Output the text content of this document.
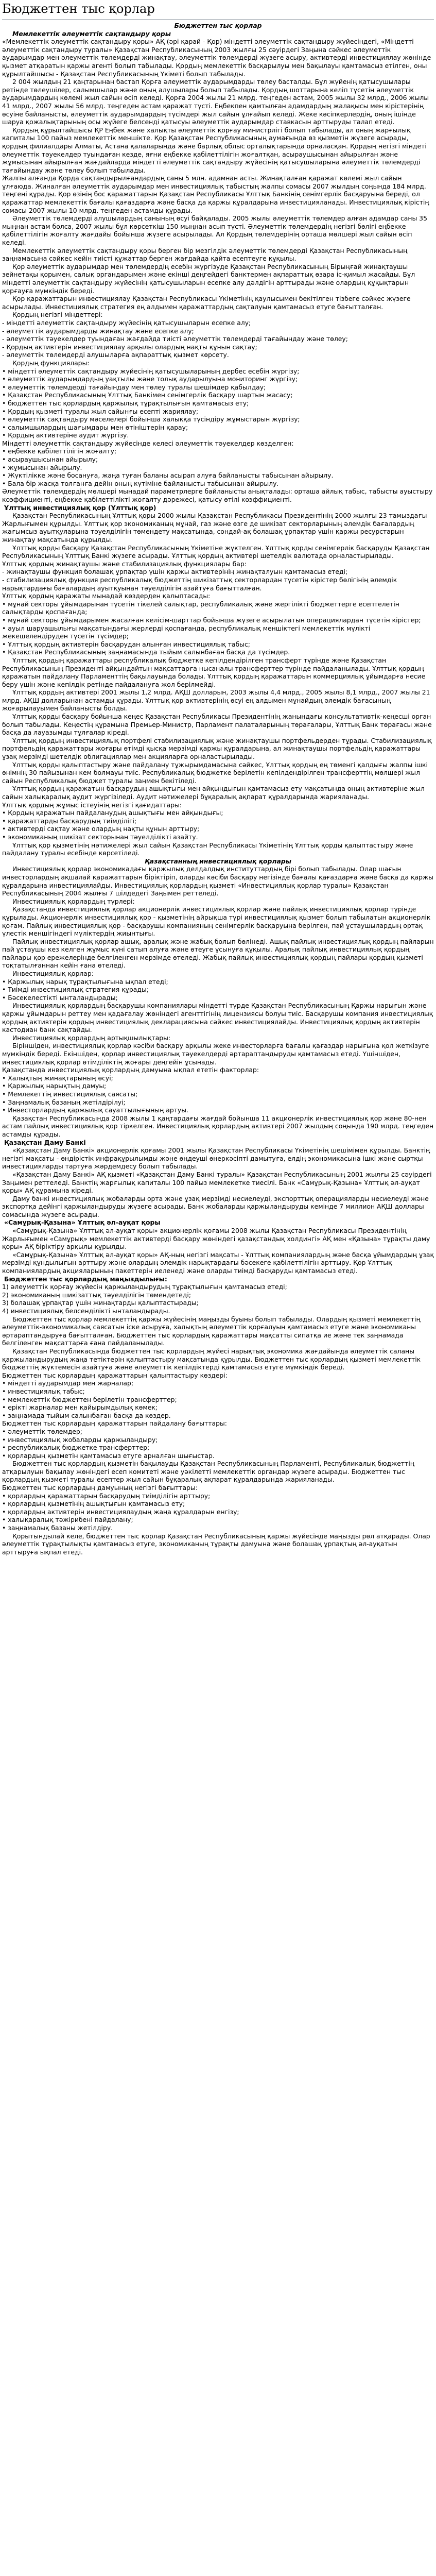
Бюджеттен тыс қорлар

Бюджеттен тыс қорлар

Мемлекеттік әлеуметтік сақтандыру қоры

«Мемлекеттік әлеуметтік сақтандыру қоры» АҚ (әрі қарай - Қор) міндетті әлеуметтік сақтандыру жүйесіндегі, «Міндетті әлеуметтік сақтандыру туралы» Қазақстан Республикасының 2003 жылғы 25 сәуірдегі Заңына сәйкес әлеуметтік аударымдар мен әлеуметтік төлемдерді жинақтау, әлеуметтік төлемдерді жүзеге асыру, активтерді инвестициялау жөнінде қызмет атқаратын қаржы агенті болып табылады. Қордың мемлекеттік басқарылуы мен бақылауы қамтамасыз етілген, оны құрылтайшысы - Қазақстан Республикасының Үкіметі болып табылады.

2 004 жылдың 21 қаңтарынан бастап Қорға әлеуметтік аударымдарды төлеу басталды. Бұл жүйенің қатысушылары ретінде төлеушілер, салымшылар және оның алушылары болып табылады. Қордың шоттарына келіп түсетін әлеуметтік аударымдардың көлемі жыл сайын өсіп келеді. Қорға 2004 жылы 21 млрд. теңгеден астам, 2005 жылы 32 млрд., 2006 жылы 41 млрд., 2007 жылы 56 млрд. теңгеден астам қаражат түсті. Еңбекпен қамтылған адамдардың жалақысы мен кірістерінің өсуіне байланысты, әлеуметтік аударымдардың түсімдері жыл сайын ұлғайып келеді. Жеке кәсіпкерлердің, оның ішінде шаруа қожалықтарының осы жүйеге белсенді қатысуы әлеуметтік аударымдар ставкасын арттыруды талап етеді.

Қордың құрылтайшысы ҚР Еңбек және халықты әлеуметтік қорғау министрлігі болып табылады, ал оның жарғылық капиталы 100 пайыз мемлекеттік меншікте. Қор Қазақстан Республикасының аумағында өз қызметін жүзеге асырады, қордың филиалдары Алматы, Астана қалаларында және барлық облыс орталықтарында орналасқан. Қордың негізгі міндеті әлеуметтік тәуекелдер туындаған кезде, яғни еңбекке қабілеттілігін жоғалтқан, асыраушысынан айырылған және жұмысынан айырылған жағдайларда міндетті әлеуметтік сақтандыру жүйесінің қатысушыларына әлеуметтік төлемдерді тағайындау және төлеу болып табылады.

Жалпы алғанда Қорда сақтандырылғандардың саны 5 млн. адамнан асты. Жинақталған қаражат көлемі жыл сайын ұлғаюда. Жиналған әлеуметтік аударымдар мен инвестициялық табыстың жалпы сомасы 2007 жылдың соңында 184 млрд. теңгені құрады. Қор өзінің бос қаражаттарын Қазақстан Республикасы Ұлттық Банкінің сенімгерлік басқаруына береді, ол қаражаттар мемлекеттік бағалы қағаздарға және басқа да қаржы құралдарына инвестицияланады. Инвестициялық кірістің сомасы 2007 жылы 10 млрд. теңгеден астамды құрады.

Әлеуметтік төлемдерді алушылардың санының өсуі байқалады. 2005 жылы әлеуметтік төлемдер алған адамдар саны 35 мыңнан астам болса, 2007 жылы бұл көрсеткіш 150 мыңнан асып түсті. Әлеуметтік төлемдердің негізгі бөлігі еңбекке қабілеттілігін жоғалту жағдайы бойынша жүзеге асырылады. Ал Қордың төлемдерінің орташа мөлшері жыл сайын өсіп келеді.

Мемлекеттік әлеуметтік сақтандыру қоры берген бір мезгілдік әлеуметтік төлемдерді Қазақстан Республикасының заңнамасына сәйкес кейін тиісті құжаттар берген жағдайда қайта есептеуге құқылы.

Қор әлеуметтік аударымдар мен төлемдердің есебін жүргізуде Қазақстан Республикасының Бірыңғай жинақтаушы зейнетақы қорымен, салық органдарымен және екінші деңгейдегі банктермен ақпараттық өзара іс-қимыл жасайды. Бұл міндетті әлеуметтік сақтандыру жүйесінің қатысушыларын есепке алу дәлдігін арттырады және олардың құқықтарын қорғауға мүмкіндік береді.

Қор қаражаттарын инвестициялау Қазақстан Республикасы Үкіметінің қаулысымен бекітілген тізбеге сәйкес жүзеге асырылады. Инвестициялық стратегия ең алдымен қаражаттардың сақталуын қамтамасыз етуге бағытталған.

Қордың негізгі міндеттері:

- міндетті әлеуметтік сақтандыру жүйесінің қатысушыларын есепке алу;

- әлеуметтік аударымдарды жинақтау және есепке алу;

- әлеуметтік тәуекелдер туындаған жағдайда тиісті әлеуметтік төлемдерді тағайындау және төлеу;

- Қордың активтерін инвестициялау арқылы олардың нақты құнын сақтау;

- әлеуметтік төлемдерді алушыларға ақпараттық қызмет көрсету.

Қордың функциялары:

• міндетті әлеуметтік сақтандыру жүйесінің қатысушыларының дербес есебін жүргізу;

• әлеуметтік аударымдардың уақтылы және толық аударылуына мониторинг жүргізу;

• әлеуметтік төлемдерді тағайындау мен төлеу туралы шешімдер қабылдау;

• Қазақстан Республикасының Ұлттық Банкімен сенімгерлік басқару шартын жасасу;

• бюджеттен тыс қорлардың қаржылық тұрақтылығын қамтамасыз ету;

• Қордың қызметі туралы жыл сайынғы есепті жариялау;

• әлеуметтік сақтандыру мәселелері бойынша халыққа түсіндіру жұмыстарын жүргізу;

• салымшылардың шағымдары мен өтініштерін қарау;

• Қордың активтеріне аудит жүргізу.

Міндетті әлеуметтік сақтандыру жүйесінде келесі әлеуметтік тәуекелдер көзделген:

• еңбекке қабілеттілігін жоғалту;

• асыраушысынан айырылу;

• жұмысынан айырылу.

• Жүктілікке және босануға, жаңа туған баланы асырап алуға байланысты табысынан айырылу.

• Бала бір жасқа толғанға дейін оның күтіміне байланысты табысынан айырылу.

Әлеуметтік төлемдердің мөлшері мынадай параметрлерге байланысты анықталады: орташа айлық табыс, табысты ауыстыру коэффициенті, еңбекке қабілеттілікті жоғалту дәрежесі, қатысу өтілі коэффициенті.

Ұлттық инвестициялық қор (Ұлттық қор)

Қазақстан Республикасының Ұлттық қоры 2000 жылы Қазақстан Республикасы Президентінің 2000 жылғы 23 тамыздағы Жарлығымен құрылды. Ұлттық қор экономиканың мұнай, газ және өзге де шикізат секторларының әлемдік бағалардың жағымсыз ауытқуларына тәуелділігін төмендету мақсатында, сондай-ақ болашақ ұрпақтар үшін қаржы ресурстарын жинақтау мақсатында құрылды.

Ұлттық қорды басқару Қазақстан Республикасының Үкіметіне жүктелген. Ұлттық қорды сенімгерлік басқаруды Қазақстан Республикасының Ұлттық Банкі жүзеге асырады. Ұлттық қордың активтері шетелдік валютада орналастырылады.

Ұлттық қордың жинақтаушы және стабилизациялық функциялары бар:

- жинақтаушы функция болашақ ұрпақтар үшін қаржы активтерінің жинақталуын қамтамасыз етеді;

- стабилизациялық функция республикалық бюджеттің шикізаттық секторлардан түсетін кірістер бөлігінің әлемдік нарықтардағы бағалардың ауытқуынан тәуелділігін азайтуға бағытталған.

Ұлттық қордың қаражаты мынадай көздерден қалыптасады:

• мұнай секторы ұйымдарынан түсетін тікелей салықтар, республикалық және жергілікті бюджеттерге есептелетін салықтарды қоспағанда;

• мұнай секторы ұйымдарымен жасалған келісім-шарттар бойынша жүзеге асырылатын операциялардан түсетін кірістер;

• ауыл шаруашылығы мақсатындағы жерлерді қоспағанда, республикалық меншіктегі мемлекеттік мүлікті жекешелендіруден түсетін түсімдер;

• Ұлттық қордың активтерін басқарудан алынған инвестициялық табыс;

• Қазақстан Республикасының заңнамасында тыйым салынбаған басқа да түсімдер.

Ұлттық қордың қаражаттары республикалық бюджетке кепілдендірілген трансферт түрінде және Қазақстан Республикасының Президенті айқындайтын мақсаттарға нысаналы трансферттер түрінде пайдаланылады. Ұлттық қордың қаражатын пайдалану Парламенттің бақылауында болады. Ұлттық қордың қаражаттарын коммерциялық ұйымдарға несие беру үшін және кепілдік ретінде пайдалануға жол берілмейді.

Ұлттық қордың активтері 2001 жылы 1,2 млрд. АҚШ долларын, 2003 жылы 4,4 млрд., 2005 жылы 8,1 млрд., 2007 жылы 21 млрд. АҚШ долларынан астамды құрады. Ұлттық қор активтерінің өсуі ең алдымен мұнайдың әлемдік бағасының жоғарылауымен байланысты болды.

Ұлттық қорды басқару бойынша кеңес Қазақстан Республикасы Президентінің жанындағы консультативтік-кеңесші орган болып табылады. Кеңестің құрамына Премьер-Министр, Парламент палаталарының төрағалары, Ұлттық Банк төрағасы және басқа да лауазымды тұлғалар кіреді.

Ұлттық қордың инвестициялық портфелі стабилизациялық және жинақтаушы портфельдерден тұрады. Стабилизациялық портфельдің қаражаттары жоғары өтімді қысқа мерзімді қаржы құралдарына, ал жинақтаушы портфельдің қаражаттары ұзақ мерзімді шетелдік облигациялар мен акцияларға орналастырылады.

Ұлттық қорды қалыптастыру және пайдалану тұжырымдамасына сәйкес, Ұлттық қордың ең төменгі қалдығы жалпы ішкі өнімнің 30 пайызынан кем болмауы тиіс. Республикалық бюджетке берілетін кепілдендірілген трансферттің мөлшері жыл сайын Республикалық бюджет туралы заңмен бекітіледі.

Ұлттық қордың қаражатын басқарудың ашықтығы мен айқындығын қамтамасыз ету мақсатында оның активтеріне жыл сайын халықаралық аудит жүргізіледі. Аудит нәтижелері бұқаралық ақпарат құралдарында жарияланады.

Ұлттық қордың жұмыс істеуінің негізгі қағидаттары:

• Қордың қаражатын пайдаланудың ашықтығы мен айқындығы;

• қаражаттарды басқарудың тиімділігі;

• активтерді сақтау және олардың нақты құнын арттыру;

• экономиканың шикізат секторынан тәуелділікті азайту.

Ұлттық қор қызметінің нәтижелері жыл сайын Қазақстан Республикасы Үкіметінің Ұлттық қорды қалыптастыру және пайдалану туралы есебінде көрсетіледі.

Қазақстанның инвестициялық қорлары

Инвестициялық қорлар экономикадағы қаржылық делдалдық институттардың бірі болып табылады. Олар шағын инвесторлардың ақшалай қаражаттарын біріктіріп, оларды кәсіби басқару негізінде бағалы қағаздарға және басқа да қаржы құралдарына инвестициялайды. Инвестициялық қорлардың қызметі «Инвестициялық қорлар туралы» Қазақстан Республикасының 2004 жылғы 7 шілдедегі Заңымен реттеледі.

Инвестициялық қорлардың түрлері:

Қазақстанда инвестициялық қорлар акционерлік инвестициялық қорлар және пайлық инвестициялық қорлар түрінде құрылады. Акционерлік инвестициялық қор - қызметінің айрықша түрі инвестициялық қызмет болып табылатын акционерлік қоғам. Пайлық инвестициялық қор - басқарушы компанияның сенімгерлік басқаруына берілген, пай ұстаушылардың ортақ үлестік меншігіндегі мүліктердің жиынтығы.

Пайлық инвестициялық қорлар ашық, аралық және жабық болып бөлінеді. Ашық пайлық инвестициялық қордың пайларын пай ұстаушы кез келген жұмыс күні сатып алуға және өтеуге ұсынуға құқылы. Аралық пайлық инвестициялық қордың пайлары қор ережелерінде белгіленген мерзімде өтеледі. Жабық пайлық инвестициялық қордың пайлары қордың қызметі тоқтатылғаннан кейін ғана өтеледі.

Инвестициялық қорлар:

• Қаржылық нарық тұрақтылығына ықпал етеді;

• Тиімді инвестициялық стратегия құрады;

• Бәсекелестікті ынталандырады;

Инвестициялық қорлардың басқарушы компаниялары міндетті түрде Қазақстан Республикасының Қаржы нарығын және қаржы ұйымдарын реттеу мен қадағалау жөніндегі агенттігінің лицензиясы болуы тиіс. Басқарушы компания инвестициялық қордың активтерін қордың инвестициялық декларациясына сәйкес инвестициялайды. Инвестициялық қордың активтерін кастодиан банк сақтайды.

Инвестициялық қорлардың артықшылықтары:

Біріншіден, инвестициялық қорлар кәсіби басқару арқылы жеке инвесторларға бағалы қағаздар нарығына қол жеткізуге мүмкіндік береді. Екіншіден, қорлар инвестициялық тәуекелдерді әртараптандыруды қамтамасыз етеді. Үшіншіден, инвестициялық қорлар өтімділіктің жоғары деңгейін ұсынады.

Қазақстанда инвестициялық қорлардың дамуына ықпал ететін факторлар:

• Халықтың жинақтарының өсуі;

• Қаржылық нарықтың дамуы;

• Мемлекеттің инвестициялық саясаты;

• Заңнамалық базаның жетілдірілуі;

• Инвесторлардың қаржылық сауаттылығының артуы.

Қазақстан Республикасында 2008 жылы 1 қаңтардағы жағдай бойынша 11 акционерлік инвестициялық қор және 80-нен астам пайлық инвестициялық қор тіркелген. Инвестициялық қорлардың активтері 2007 жылдың соңында 190 млрд. теңгеден астамды құрады.

Қазақстан Даму Банкі

«Қазақстан Даму Банкі» акционерлік қоғамы 2001 жылы Қазақстан Республикасы Үкіметінің шешімімен құрылды. Банктің негізгі мақсаты - өндірістік инфрақұрылымды және өңдеуші өнеркәсіпті дамытуға, елдің экономикасына ішкі және сыртқы инвестицияларды тартуға жәрдемдесу болып табылады.

«Қазақстан Даму Банкі» АҚ қызметі «Қазақстан Даму Банкі туралы» Қазақстан Республикасының 2001 жылғы 25 сәуірдегі Заңымен реттеледі. Банктің жарғылық капиталы 100 пайыз мемлекетке тиесілі. Банк «Самұрық-Қазына» Ұлттық әл-ауқат қоры» АҚ құрамына кіреді.

Даму банкі инвестициялық жобаларды орта және ұзақ мерзімді несиелеуді, экспорттық операцияларды несиелеуді және экспортқа дейінгі қаржыландыруды жүзеге асырады. Банк жобаларды қаржыландыруды кемінде 7 миллион АҚШ доллары сомасында жүзеге асырады.

«Самұрық-Қазына» Ұлттық әл-ауқат қоры

«Самұрық-Қазына» Ұлттық әл-ауқат қоры» акционерлік қоғамы 2008 жылы Қазақстан Республикасы Президентінің Жарлығымен «Самұрық» мемлекеттік активтерді басқару жөніндегі қазақстандық холдингі» АҚ мен «Қазына» тұрақты даму қоры» АҚ біріктіру арқылы құрылды.

«Самұрық-Қазына» Ұлттық әл-ауқат қоры» АҚ-ның негізгі мақсаты - Ұлттық компаниялардың және басқа ұйымдардың ұзақ мерзімді құндылығын арттыру және олардың әлемдік нарықтардағы бәсекеге қабілеттілігін арттыру. Қор Ұлттық компаниялардың акцияларының пакеттерін иеленеді және оларды тиімді басқаруды қамтамасыз етеді.

Бюджеттен тыс қорлардың маңыздылығы:

1) әлеуметтік қорғау жүйесін қаржыландырудың тұрақтылығын қамтамасыз етеді;

2) экономиканың шикізаттық тәуелділігін төмендетеді;

3) болашақ ұрпақтар үшін жинақтарды қалыптастырады;

4) инвестициялық белсенділікті ынталандырады.

Бюджеттен тыс қорлар мемлекеттің қаржы жүйесінің маңызды буыны болып табылады. Олардың қызметі мемлекеттің әлеуметтік-экономикалық саясатын іске асыруға, халықтың әлеуметтік қорғалуын қамтамасыз етуге және экономиканы әртараптандыруға бағытталған. Бюджеттен тыс қорлардың қаражаттары мақсатты сипатқа ие және тек заңнамада белгіленген мақсаттарға ғана пайдаланылады.

Қазақстан Республикасында бюджеттен тыс қорлардың жүйесі нарықтық экономика жағдайында әлеуметтік саланы қаржыландырудың жаңа тетіктерін қалыптастыру мақсатында құрылды. Бюджеттен тыс қорлардың қызметі мемлекеттік бюджеттің жүктемесін азайтуға және әлеуметтік кепілдіктерді қамтамасыз етуге мүмкіндік береді.

Бюджеттен тыс қорлардың қаражаттарын қалыптастыру көздері:

• міндетті аударымдар мен жарналар;

• инвестициялық табыс;

• мемлекеттік бюджеттен берілетін трансферттер;

• ерікті жарналар мен қайырымдылық көмек;

• заңнамада тыйым салынбаған басқа да көздер.

Бюджеттен тыс қорлардың қаражаттарын пайдалану бағыттары:

• әлеуметтік төлемдер;

• инвестициялық жобаларды қаржыландыру;

• республикалық бюджетке трансферттер;

• қорлардың қызметін қамтамасыз етуге арналған шығыстар.

Бюджеттен тыс қорлардың қызметін бақылауды Қазақстан Республикасының Парламенті, Республикалық бюджеттің атқарылуын бақылау жөніндегі есеп комитеті және уәкілетті мемлекеттік органдар жүзеге асырады. Бюджеттен тыс қорлардың қызметі туралы есептер жыл сайын бұқаралық ақпарат құралдарында жарияланады.

Бюджеттен тыс қорлардың дамуының негізгі бағыттары:

• қорлардың қаражаттарын басқарудың тиімділігін арттыру;

• қорлардың қызметінің ашықтығын қамтамасыз ету;

• қорлардың активтерін инвестициялаудың жаңа құралдарын енгізу;

• халықаралық тәжірибені пайдалану;

• заңнамалық базаны жетілдіру.

Қорытындылай келе, бюджеттен тыс қорлар Қазақстан Республикасының қаржы жүйесінде маңызды рөл атқарады. Олар әлеуметтік тұрақтылықты қамтамасыз етуге, экономиканың тұрақты дамуына және болашақ ұрпақтың әл-ауқатын арттыруға ықпал етеді.
